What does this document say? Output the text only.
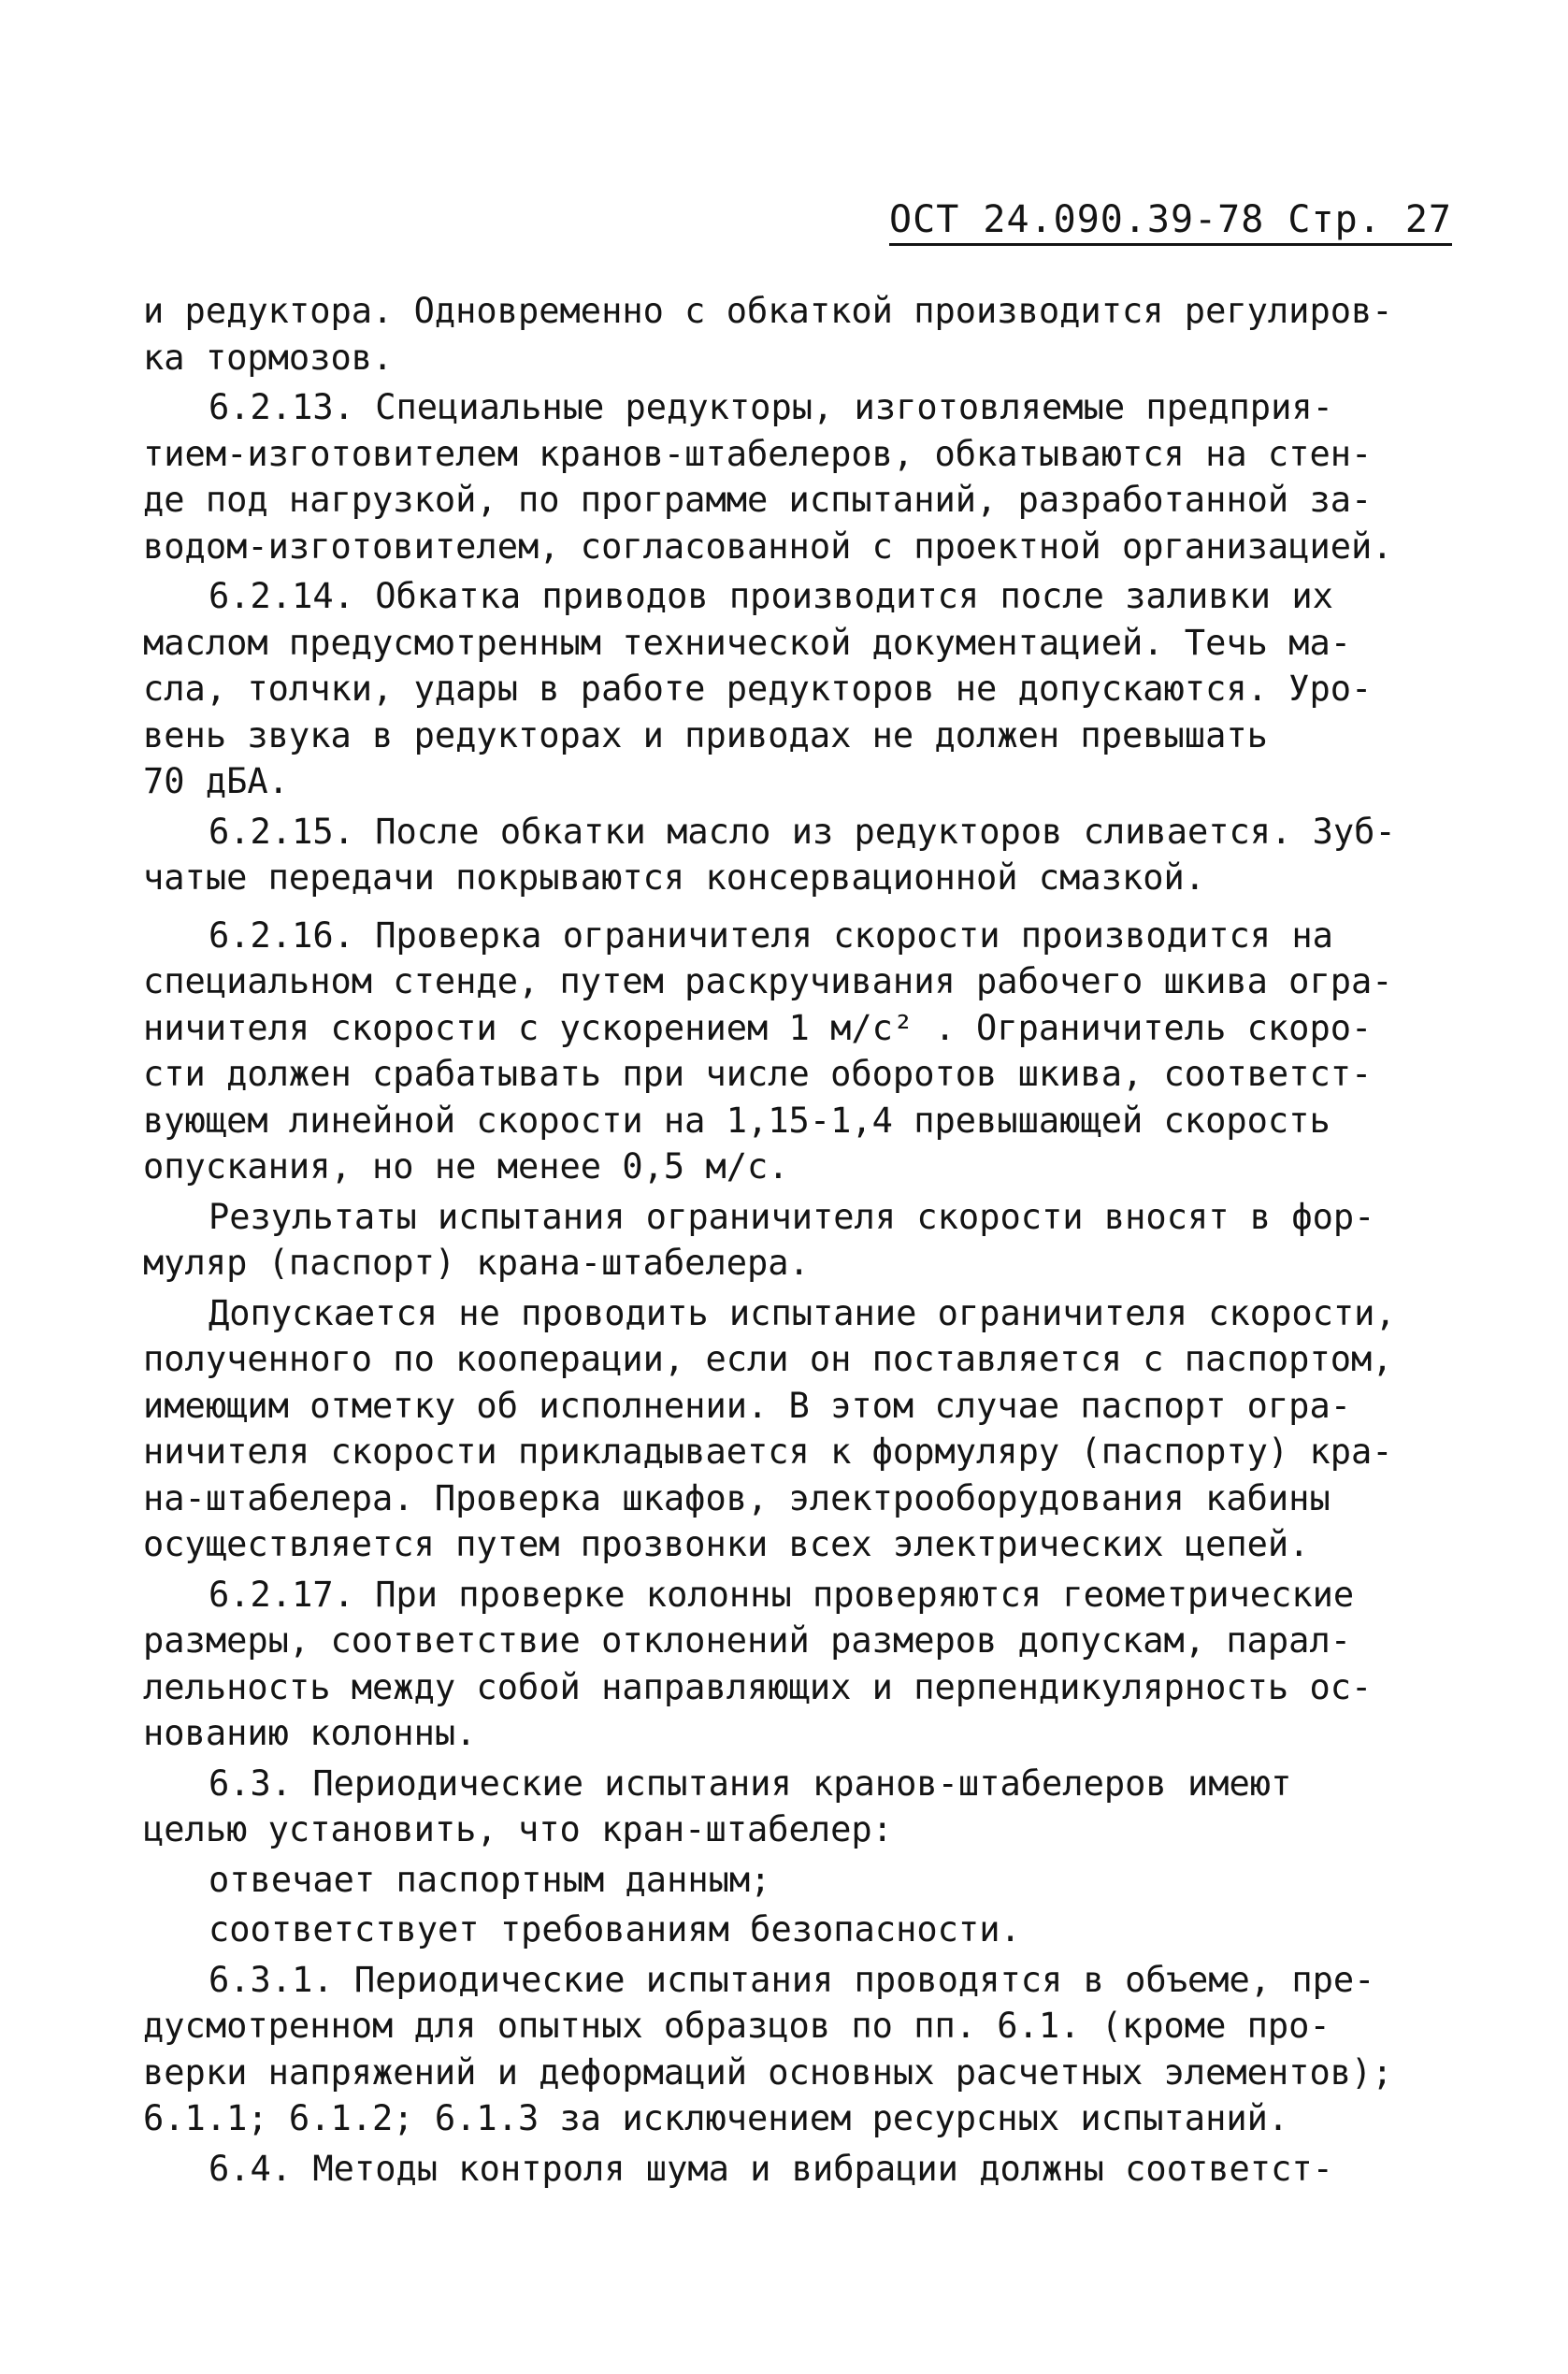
ОСТ 24.090.39-78 Стр. 27
и редуктора. Одновременно с обкаткой производится регулиров-
ка тормозов.
6.2.13. Специальные редукторы, изготовляемые предприя-
тием-изготовителем кранов-штабелеров, обкатываются на стен-
де под нагрузкой, по программе испытаний, разработанной за-
водом-изготовителем, согласованной с проектной организацией.
6.2.14. Обкатка приводов производится после заливки их
маслом предусмотренным технической документацией. Течь ма-
сла, толчки, удары в работе редукторов не допускаются. Уро-
вень звука в редукторах и приводах не должен превышать
70 дБА.
6.2.15. После обкатки масло из редукторов сливается. Зуб-
чатые передачи покрываются консервационной смазкой.
6.2.16. Проверка ограничителя скорости производится на
специальном стенде, путем раскручивания рабочего шкива огра-
ничителя скорости с ускорением 1 м/с² . Ограничитель скоро-
сти должен срабатывать при числе оборотов шкива, соответст-
вующем линейной скорости на 1,15-1,4 превышающей скорость
опускания, но не менее 0,5 м/с.
Результаты испытания ограничителя скорости вносят в фор-
муляр (паспорт) крана-штабелера.
Допускается не проводить испытание ограничителя скорости,
полученного по кооперации, если он поставляется с паспортом,
имеющим отметку об исполнении. В этом случае паспорт огра-
ничителя скорости прикладывается к формуляру (паспорту) кра-
на-штабелера. Проверка шкафов, электрооборудования кабины
осуществляется путем прозвонки всех электрических цепей.
6.2.17. При проверке колонны проверяются геометрические
размеры, соответствие отклонений размеров допускам, парал-
лельность между собой направляющих и перпендикулярность ос-
нованию колонны.
6.3. Периодические испытания кранов-штабелеров имеют
целью установить, что кран-штабелер:
отвечает паспортным данным;
соответствует требованиям безопасности.
6.3.1. Периодические испытания проводятся в объеме, пре-
дусмотренном для опытных образцов по пп. 6.1. (кроме про-
верки напряжений и деформаций основных расчетных элементов);
6.1.1; 6.1.2; 6.1.3 за исключением ресурсных испытаний.
6.4. Методы контроля шума и вибрации должны соответст-
